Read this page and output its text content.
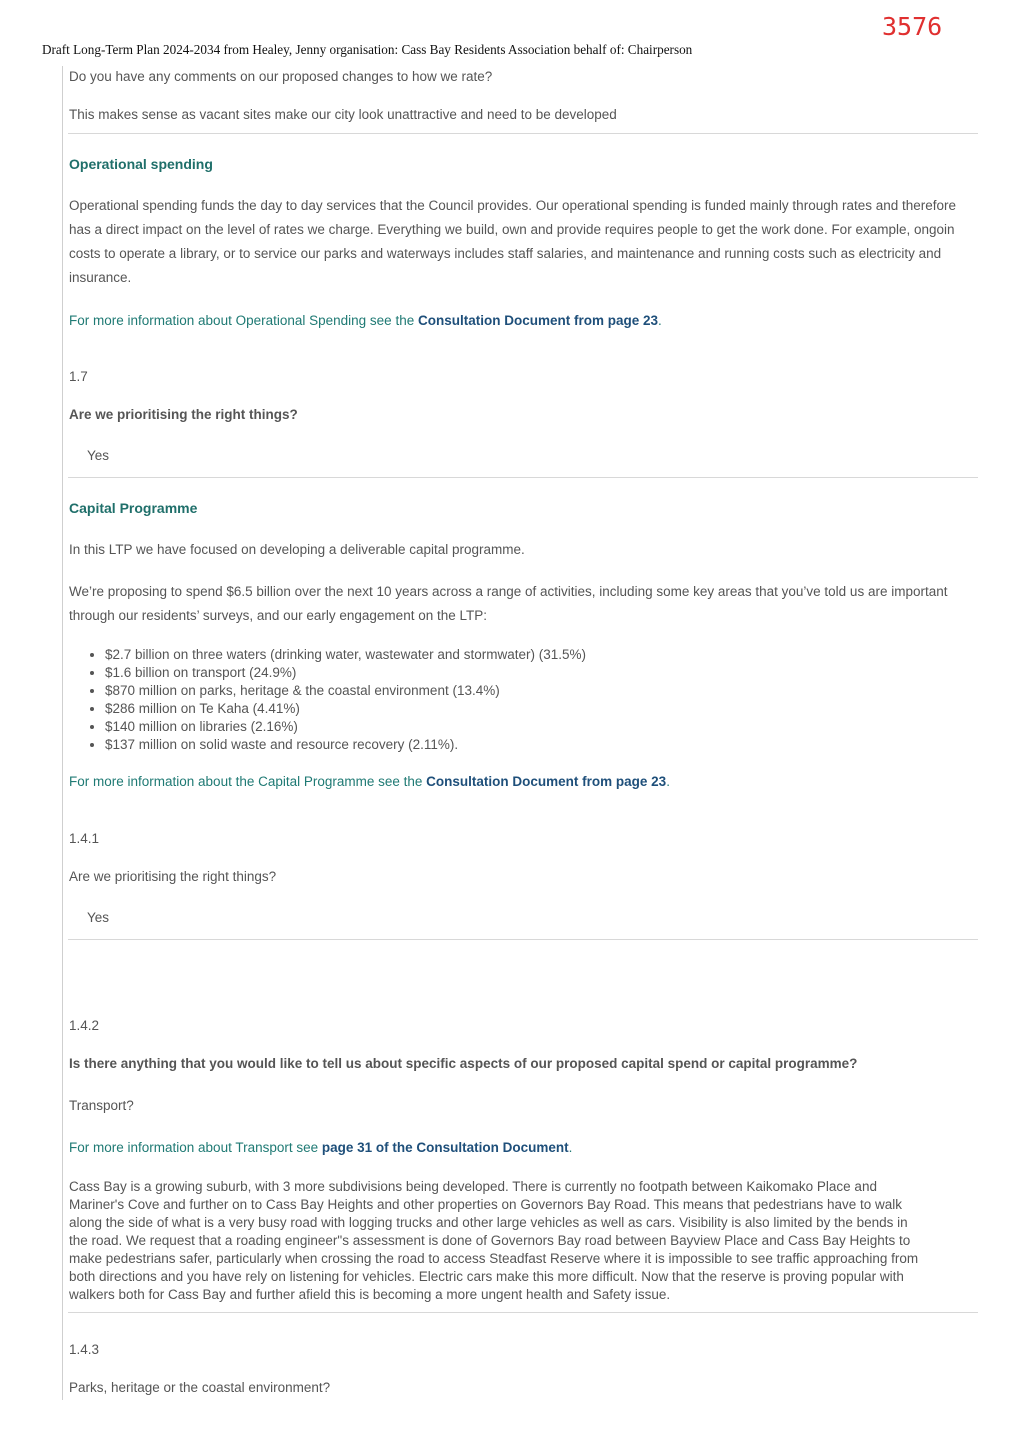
3576
Draft Long-Term Plan 2024-2034 from Healey, Jenny organisation: Cass Bay Residents Association behalf of: Chairperson

Do you have any comments on our proposed changes to how we rate?

This makes sense as vacant sites make our city look unattractive and need to be developed

Operational spending

Operational spending funds the day to day services that the Council provides. Our operational spending is funded mainly through rates and therefore has a direct impact on the level of rates we charge. Everything we build, own and provide requires people to get the work done. For example, ongoin costs to operate a library, or to service our parks and waterways includes staff salaries, and maintenance and running costs such as electricity and insurance.

For more information about Operational Spending see the Consultation Document from page 23.

1.7

Are we prioritising the right things?

Yes

Capital Programme

In this LTP we have focused on developing a deliverable capital programme.

We’re proposing to spend $6.5 billion over the next 10 years across a range of activities, including some key areas that you’ve told us are important through our residents’ surveys, and our early engagement on the LTP:

• $2.7 billion on three waters (drinking water, wastewater and stormwater) (31.5%)
• $1.6 billion on transport (24.9%)
• $870 million on parks, heritage & the coastal environment (13.4%)
• $286 million on Te Kaha (4.41%)
• $140 million on libraries (2.16%)
• $137 million on solid waste and resource recovery (2.11%).

For more information about the Capital Programme see the Consultation Document from page 23.

1.4.1

Are we prioritising the right things?

Yes

1.4.2

Is there anything that you would like to tell us about specific aspects of our proposed capital spend or capital programme?

Transport?

For more information about Transport see page 31 of the Consultation Document.

Cass Bay is a growing suburb, with 3 more subdivisions being developed. There is currently no footpath between Kaikomako Place and Mariner's Cove and further on to Cass Bay Heights and other properties on Governors Bay Road. This means that pedestrians have to walk along the side of what is a very busy road with logging trucks and other large vehicles as well as cars. Visibility is also limited by the bends in the road. We request that a roading engineer"s assessment is done of Governors Bay road between Bayview Place and Cass Bay Heights to make pedestrians safer, particularly when crossing the road to access Steadfast Reserve where it is impossible to see traffic approaching from both directions and you have rely on listening for vehicles. Electric cars make this more difficult. Now that the reserve is proving popular with walkers both for Cass Bay and further afield this is becoming a more ungent health and Safety issue.

1.4.3

Parks, heritage or the coastal environment?
